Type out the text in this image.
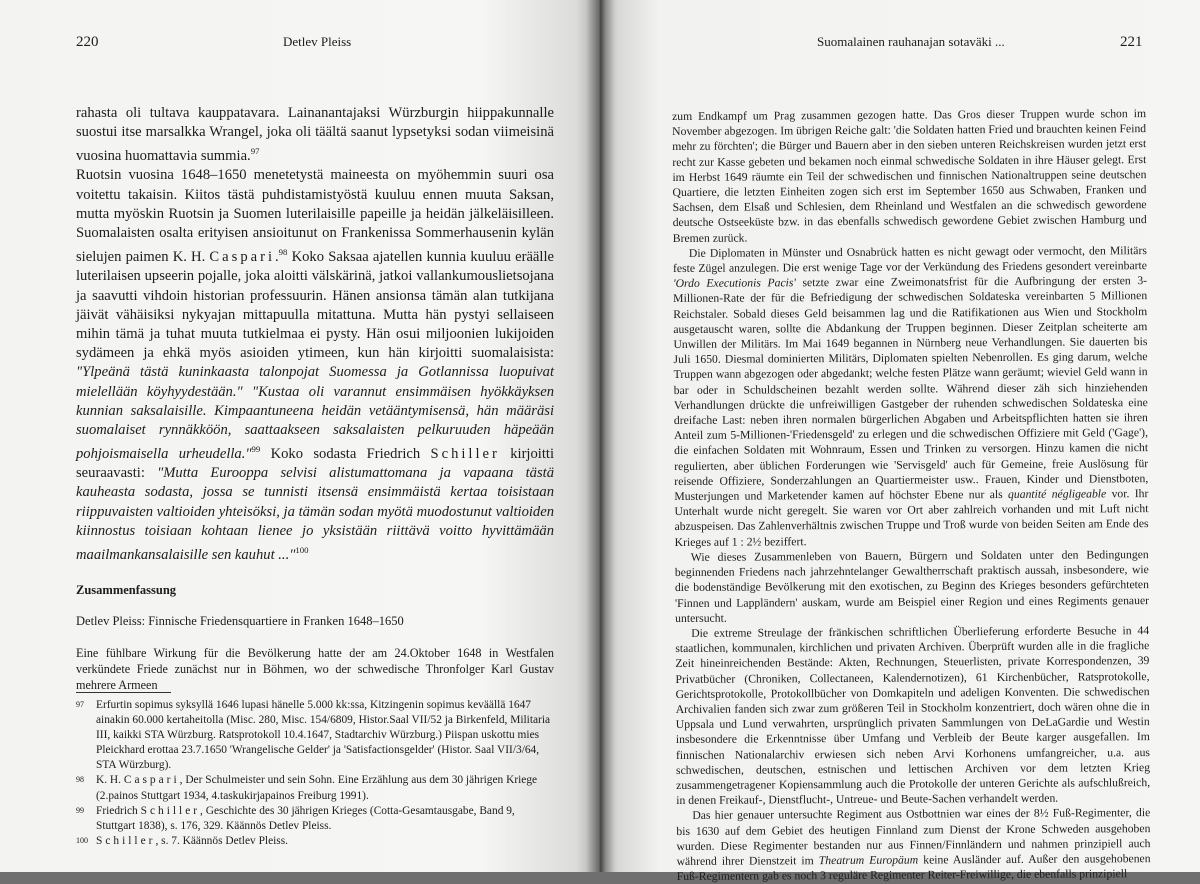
220	Detlev Pleiss

rahasta oli tultava kauppatavara. Lainanantajaksi Würzburgin hiippakunnalle suostui itse marsalkka Wrangel, joka oli täältä saanut lypsetyksi sodan viimeisinä vuosina huomattavia summia.$^{97}$

Ruotsin vuosina 1648–1650 menetetystä maineesta on myöhemmin suuri osa voitettu takaisin. Kiitos tästä puhdistamistyöstä kuuluu ennen muuta Saksan, mutta myöskin Ruotsin ja Suomen luterilaisille papeille ja heidän jälkeläisilleen. Suomalaisten osalta erityisen ansioitunut on Frankenissa Sommerhausenin kylän sielujen paimen K. H. Caspari.$^{98}$ Koko Saksaa ajatellen kunnia kuuluu eräälle luterilaisen upseerin pojalle, joka aloitti välskärinä, jatkoi vallankumouslietsojana ja saavutti vihdoin historian professuurin. Hänen ansionsa tämän alan tutkijana jäivät vähäisiksi nykyajan mittapuulla mitattuna. Mutta hän pystyi sellaiseen mihin tämä ja tuhat muuta tutkielmaa ei pysty. Hän osui miljoonien lukijoiden sydämeen ja ehkä myös asioiden ytimeen, kun hän kirjoitti suomalaisista: "Ylpeänä tästä kuninkaasta talonpojat Suomessa ja Gotlannissa luopuivat mielellään köyhyydestään." "Kustaa oli varannut ensimmäisen hyökkäyksen kunnian saksalaisille. Kimpaantuneena heidän vetääntymisensä, hän määräsi suomalaiset rynnäkköön, saattaakseen saksalaisten pelkuruuden häpeään pohjoismaisella urheudella."$^{99}$ Koko sodasta Friedrich Schiller kirjoitti seuraavasti: "Mutta Eurooppa selvisi alistumattomana ja vapaana tästä kauheasta sodasta, jossa se tunnisti itsensä ensimmäistä kertaa toisistaan riippuvaisten valtioiden yhteisöksi, ja tämän sodan myötä muodostunut valtioiden kiinnostus toisiaan kohtaan lienee jo yksistään riittävä voitto hyvittämään maailmankansalaisille sen kauhut ..."$^{100}$

Zusammenfassung
Detlev Pleiss: Finnische Friedensquartiere in Franken 1648–1650
Eine fühlbare Wirkung für die Bevölkerung hatte der am 24.Oktober 1648 in Westfalen verkündete Friede zunächst nur in Böhmen, wo der schwedische Thronfolger Karl Gustav mehrere Armeen

97 Erfurtin sopimus syksyllä 1646 lupasi hänelle 5.000 kk:ssa, Kitzingenin sopimus keväällä 1647 ainakin 60.000 kertaheitolla (Misc. 280, Misc. 154/6809, Histor.Saal VII/52 ja Birkenfeld, Militaria III, kaikki STA Würzburg. Ratsprotokoll 10.4.1647, Stadtarchiv Würzburg.) Piispan uskottu mies Pleickhard erottaa 23.7.1650 'Wrangelische Gelder' ja 'Satisfactionsgelder' (Histor. Saal VII/3/64, STA Würzburg).

98 K. H. Caspari, Der Schulmeister und sein Sohn. Eine Erzählung aus dem 30 jährigen Kriege (2.painos Stuttgart 1934, 4.taskukirjapainos Freiburg 1991).

99 Friedrich Schiller, Geschichte des 30 jährigen Krieges (Cotta-Gesamtausgabe, Band 9, Stuttgart 1838), s. 176, 329. Käännös Detlev Pleiss.

100 Schiller, s. 7. Käännös Detlev Pleiss.

Suomalainen rauhanajan sotaväki ...	221

zum Endkampf um Prag zusammen gezogen hatte. Das Gros dieser Truppen wurde schon im November abgezogen. Im übrigen Reiche galt: 'die Soldaten hatten Fried und brauchten keinen Feind mehr zu förchten'; die Bürger und Bauern aber in den sieben unteren Reichskreisen wurden jetzt erst recht zur Kasse gebeten und bekamen noch einmal schwedische Soldaten in ihre Häuser gelegt. Erst im Herbst 1649 räumte ein Teil der schwedischen und finnischen Nationaltruppen seine deutschen Quartiere, die letzten Einheiten zogen sich erst im September 1650 aus Schwaben, Franken und Sachsen, dem Elsaß und Schlesien, dem Rheinland und Westfalen an die schwedisch gewordene deutsche Ostseeküste bzw. in das ebenfalls schwedisch gewordene Gebiet zwischen Hamburg und Bremen zurück.

Die Diplomaten in Münster und Osnabrück hatten es nicht gewagt oder vermocht, den Militärs feste Zügel anzulegen. Die erst wenige Tage vor der Verkündung des Friedens gesondert vereinbarte 'Ordo Executionis Pacis' setzte zwar eine Zweimonatsfrist für die Aufbringung der ersten 3-Millionen-Rate der für die Befriedigung der schwedischen Soldateska vereinbarten 5 Millionen Reichstaler. Sobald dieses Geld beisammen lag und die Ratifikationen aus Wien und Stockholm ausgetauscht waren, sollte die Abdankung der Truppen beginnen. Dieser Zeitplan scheiterte am Unwillen der Militärs. Im Mai 1649 begannen in Nürnberg neue Verhandlungen. Sie dauerten bis Juli 1650. Diesmal dominierten Militärs, Diplomaten spielten Nebenrollen. Es ging darum, welche Truppen wann abgezogen oder abgedankt; welche festen Plätze wann geräumt; wieviel Geld wann in bar oder in Schuldscheinen bezahlt werden sollte. Während dieser zäh sich hinziehenden Verhandlungen drückte die unfreiwilligen Gastgeber der ruhenden schwedischen Soldateska eine dreifache Last: neben ihren normalen bürgerlichen Abgaben und Arbeitspflichten hatten sie ihren Anteil zum 5-Millionen-'Friedensgeld' zu erlegen und die schwedischen Offiziere mit Geld ('Gage'), die einfachen Soldaten mit Wohnraum, Essen und Trinken zu versorgen. Hinzu kamen die nicht regulierten, aber üblichen Forderungen wie 'Servisgeld' auch für Gemeine, freie Auslösung für reisende Offiziere, Sonderzahlungen an Quartiermeister usw.. Frauen, Kinder und Dienstboten, Musterjungen und Marketender kamen auf höchster Ebene nur als quantité négligeable vor. Ihr Unterhalt wurde nicht geregelt. Sie waren vor Ort aber zahlreich vorhanden und mit Luft nicht abzuspeisen. Das Zahlenverhältnis zwischen Truppe und Troß wurde von beiden Seiten am Ende des Krieges auf 1 : 2½ beziffert.

Wie dieses Zusammenleben von Bauern, Bürgern und Soldaten unter den Bedingungen beginnenden Friedens nach jahrzehntelanger Gewaltherrschaft praktisch aussah, insbesondere, wie die bodenständige Bevölkerung mit den exotischen, zu Beginn des Krieges besonders gefürchteten 'Finnen und Lappländern' auskam, wurde am Beispiel einer Region und eines Regiments genauer untersucht.

Die extreme Streulage der fränkischen schriftlichen Überlieferung erforderte Besuche in 44 staatlichen, kommunalen, kirchlichen und privaten Archiven. Überprüft wurden alle in die fragliche Zeit hineinreichenden Bestände: Akten, Rechnungen, Steuerlisten, private Korrespondenzen, 39 Privatbücher (Chroniken, Collectaneen, Kalendernotizen), 61 Kirchenbücher, Ratsprotokolle, Gerichtsprotokolle, Protokollbücher von Domkapiteln und adeligen Konventen. Die schwedischen Archivalien fanden sich zwar zum größeren Teil in Stockholm konzentriert, doch wären ohne die in Uppsala und Lund verwahrten, ursprünglich privaten Sammlungen von DeLaGardie und Westin insbesondere die Erkenntnisse über Umfang und Verbleib der Beute karger ausgefallen. Im finnischen Nationalarchiv erwiesen sich neben Arvi Korhonens umfangreicher, u.a. aus schwedischen, deutschen, estnischen und lettischen Archiven vor dem letzten Krieg zusammengetragener Kopiensammlung auch die Protokolle der unteren Gerichte als aufschlußreich, in denen Freikauf-, Dienstflucht-, Untreue- und Beute-Sachen verhandelt werden.

Das hier genauer untersuchte Regiment aus Ostbottnien war eines der 8½ Fuß-Regimenter, die bis 1630 auf dem Gebiet des heutigen Finnland zum Dienst der Krone Schweden ausgehoben wurden. Diese Regimenter bestanden nur aus Finnen/Finnländern und nahmen prinzipiell auch während ihrer Dienstzeit im Theatrum Europäum keine Ausländer auf. Außer den ausgehobenen Fuß-Regimentern gab es noch 3 reguläre Regimenter Reiter-Freiwillige, die ebenfalls prinzipiell
